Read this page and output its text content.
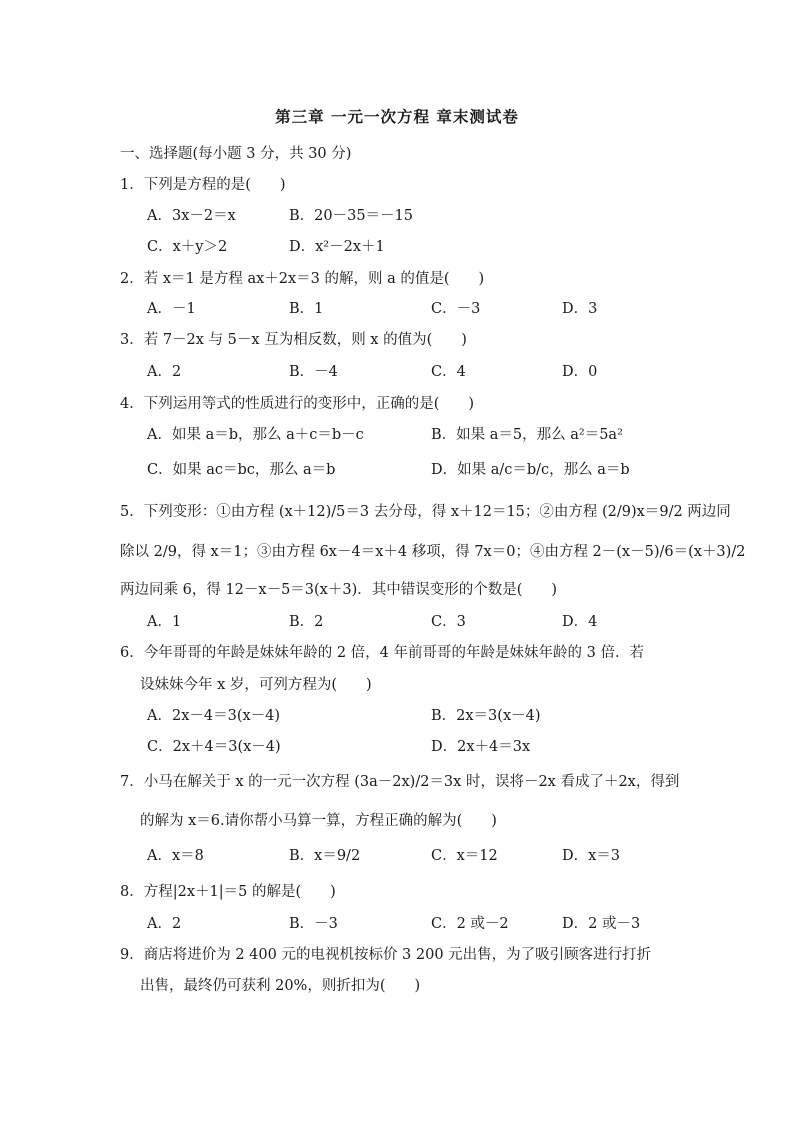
第三章 一元一次方程 章末测试卷
一、选择题(每小题 3 分，共 30 分)
1．下列是方程的是(　　)
A．3x－2＝x	B．20－35＝－15
C．x＋y＞2	D．x²－2x＋1
2．若 x＝1 是方程 ax＋2x＝3 的解，则 a 的值是(　　)
A．－1	B．1	C．－3	D．3
3．若 7－2x 与 5－x 互为相反数，则 x 的值为(　　)
A．2	B．－4	C．4	D．0
4．下列运用等式的性质进行的变形中，正确的是(　　)
A．如果 a＝b，那么 a＋c＝b－c	B．如果 a＝5，那么 a²＝5a²
C．如果 ac＝bc，那么 a＝b	D．如果 a/c＝b/c，那么 a＝b
5．下列变形：①由方程 (x＋12)/5＝3 去分母，得 x＋12＝15；②由方程 (2/9)x＝9/2 两边同
除以 2/9，得 x＝1；③由方程 6x－4＝x＋4 移项，得 7x＝0；④由方程 2－(x－5)/6＝(x＋3)/2
两边同乘 6，得 12－x－5＝3(x＋3)．其中错误变形的个数是(　　)
A．1	B．2	C．3	D．4
6．今年哥哥的年龄是妹妹年龄的 2 倍，4 年前哥哥的年龄是妹妹年龄的 3 倍．若
设妹妹今年 x 岁，可列方程为(　　)
A．2x－4＝3(x－4)	B．2x＝3(x－4)
C．2x＋4＝3(x－4)	D．2x＋4＝3x
7．小马在解关于 x 的一元一次方程 (3a－2x)/2＝3x 时，误将－2x 看成了＋2x，得到
的解为 x＝6.请你帮小马算一算，方程正确的解为(　　)
A．x＝8	B．x＝9/2	C．x＝12	D．x＝3
8．方程|2x＋1|＝5 的解是(　　)
A．2	B．－3	C．2 或－2	D．2 或－3
9．商店将进价为 2 400 元的电视机按标价 3 200 元出售，为了吸引顾客进行打折
出售，最终仍可获利 20%，则折扣为(　　)
